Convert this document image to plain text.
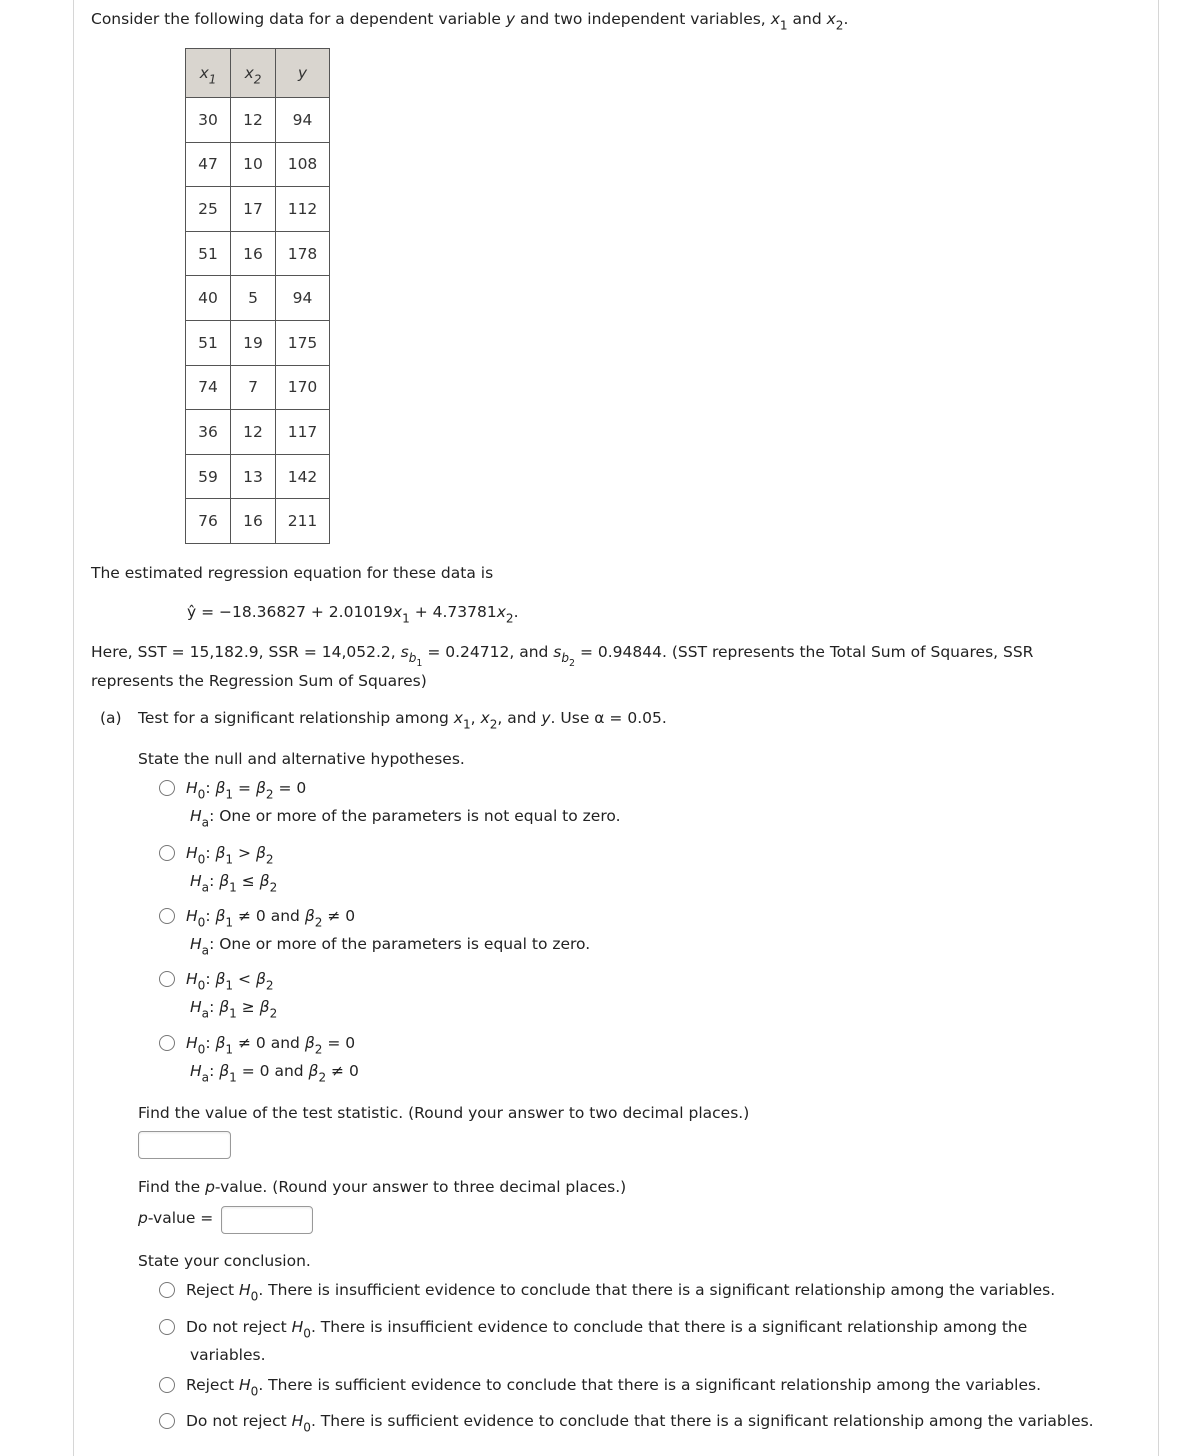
Consider the following data for a dependent variable y and two independent variables, $x_1$ and $x_2$.
$x_1$	$x_2$	y
30	12	94
47	10	108
25	17	112
51	16	178
40	5	94
51	19	175
74	7	170
36	12	117
59	13	142
76	16	211
The estimated regression equation for these data is
ŷ = $-18.36827 + 2.01019x_1 + 4.73781x_2$.
Here, SST = 15,182.9, SSR = 14,052.2, $s_{b_1} = 0.24712$, and $s_{b_2} = 0.94844$. (SST represents the Total Sum of Squares, SSR
represents the Regression Sum of Squares)
(a) Test for a significant relationship among $x_1$, $x_2$, and y. Use α = 0.05.
State the null and alternative hypotheses.
$H_0$: $\beta_1 = \beta_2 = 0$
$H_a$: One or more of the parameters is not equal to zero.
$H_0$: $\beta_1 > \beta_2$
$H_a$: $\beta_1 \le \beta_2$
$H_0$: $\beta_1 \ne 0$ and $\beta_2 \ne 0$
$H_a$: One or more of the parameters is equal to zero.
$H_0$: $\beta_1 < \beta_2$
$H_a$: $\beta_1 \ge \beta_2$
$H_0$: $\beta_1 \ne 0$ and $\beta_2 = 0$
$H_a$: $\beta_1 = 0$ and $\beta_2 \ne 0$
Find the value of the test statistic. (Round your answer to two decimal places.)
Find the p-value. (Round your answer to three decimal places.)
p-value =
State your conclusion.
Reject $H_0$. There is insufficient evidence to conclude that there is a significant relationship among the variables.
Do not reject $H_0$. There is insufficient evidence to conclude that there is a significant relationship among the
variables.
Reject $H_0$. There is sufficient evidence to conclude that there is a significant relationship among the variables.
Do not reject $H_0$. There is sufficient evidence to conclude that there is a significant relationship among the variables.
